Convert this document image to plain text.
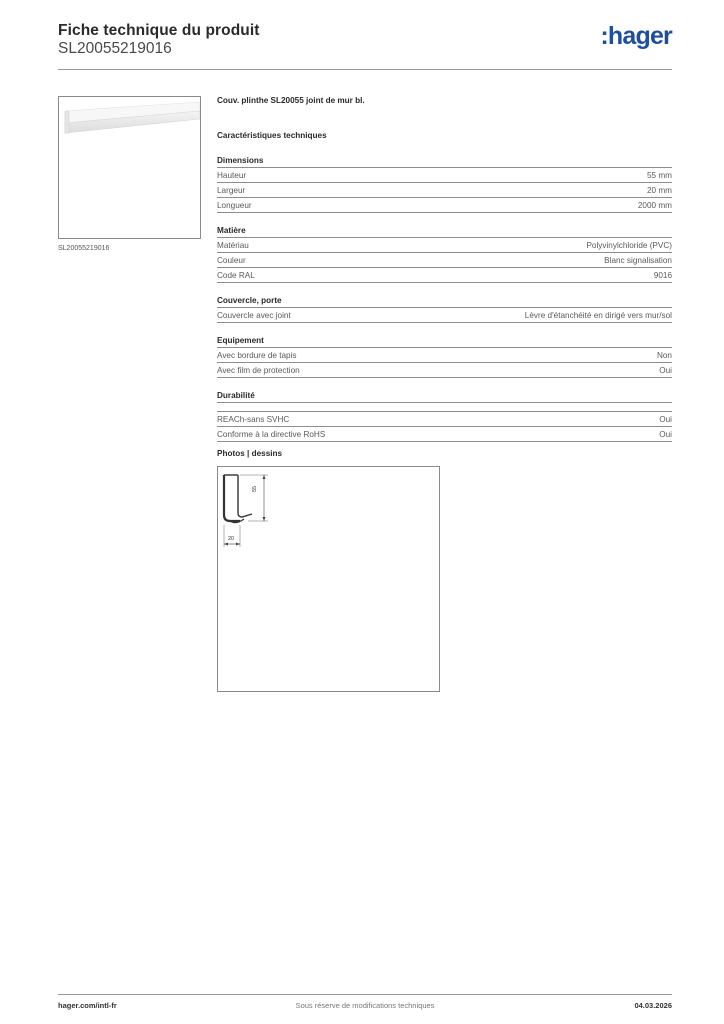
Fiche technique du produit
SL20055219016	:hager
SL20055219016
Couv. plinthe SL20055 joint de mur bl.
Caractéristiques techniques
Dimensions
Hauteur	55 mm
Largeur	20 mm
Longueur	2000 mm
Matière
Matériau	Polyvinylchloride (PVC)
Couleur	Blanc signalisation
Code RAL	9016
Couvercle, porte
Couvercle avec joint	Lèvre d'étanchéité en dirigé vers mur/sol
Equipement
Avec bordure de tapis	Non
Avec film de protection	Oui
Durabilité
REACh-sans SVHC	Oui
Conforme à la directive RoHS	Oui
Photos | dessins
55
20
hager.com/intl-fr	Sous réserve de modifications techniques	04.03.2026
